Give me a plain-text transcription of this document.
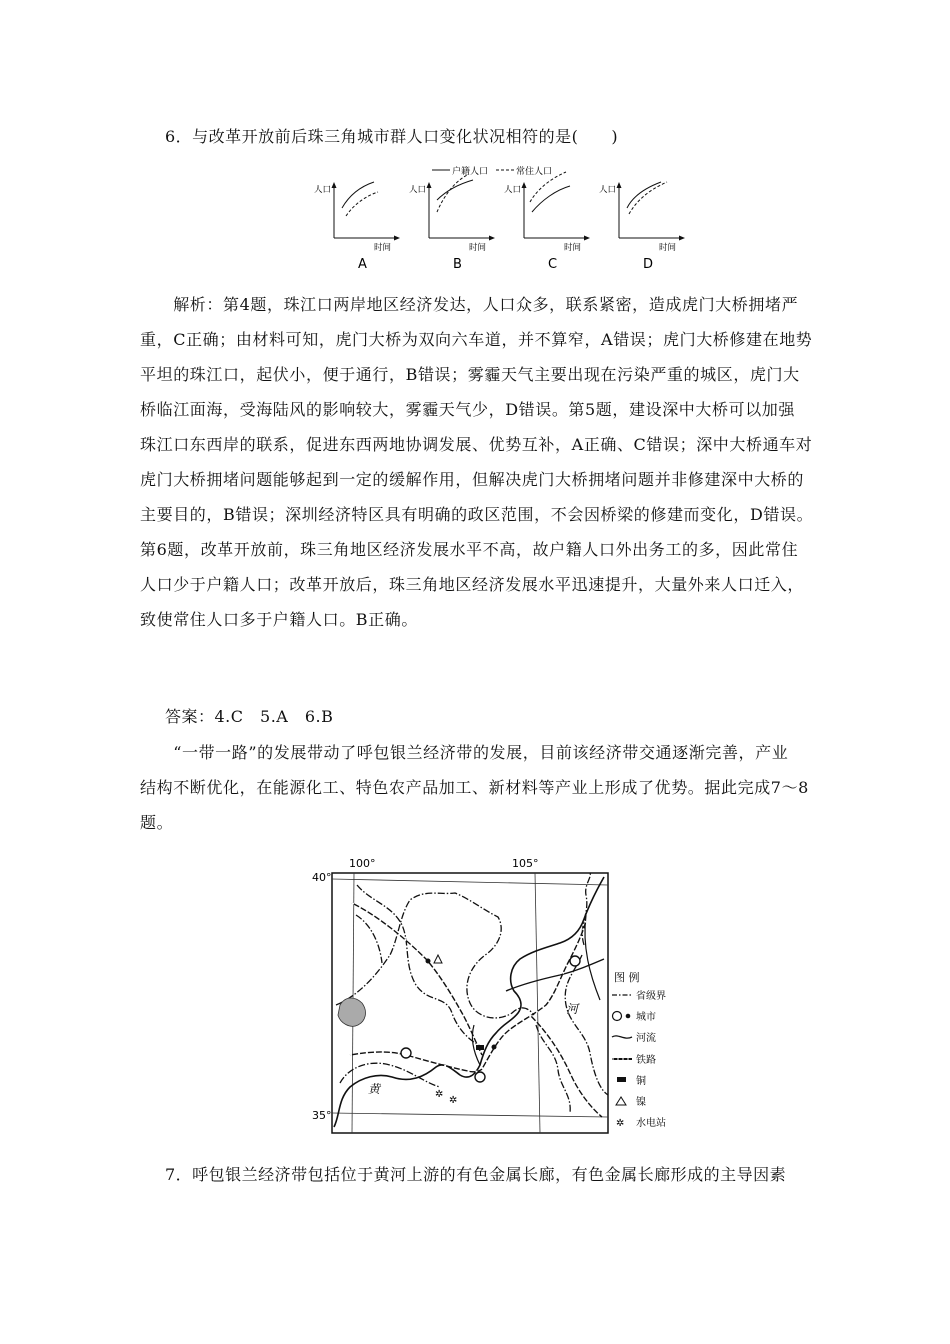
6．与改革开放前后珠三角城市群人口变化状况相符的是(　　)
户籍人口	常住人口
人口
时间
A
人口
时间
B
人口
时间
C
人口
时间
D
　　解析：第4题，珠江口两岸地区经济发达，人口众多，联系紧密，造成虎门大桥拥堵严
重，C正确；由材料可知，虎门大桥为双向六车道，并不算窄，A错误；虎门大桥修建在地势
平坦的珠江口，起伏小，便于通行，B错误；雾霾天气主要出现在污染严重的城区，虎门大
桥临江面海，受海陆风的影响较大，雾霾天气少，D错误。第5题，建设深中大桥可以加强
珠江口东西岸的联系，促进东西两地协调发展、优势互补，A正确、C错误；深中大桥通车对
虎门大桥拥堵问题能够起到一定的缓解作用，但解决虎门大桥拥堵问题并非修建深中大桥的
主要目的，B错误；深圳经济特区具有明确的政区范围，不会因桥梁的修建而变化，D错误。
第6题，改革开放前，珠三角地区经济发展水平不高，故户籍人口外出务工的多，因此常住
人口少于户籍人口；改革开放后，珠三角地区经济发展水平迅速提升，大量外来人口迁入，
致使常住人口多于户籍人口。B正确。
答案：4.C　5.A　6.B
　　“一带一路”的发展带动了呼包银兰经济带的发展，目前该经济带交通逐渐完善，产业
结构不断优化，在能源化工、特色农产品加工、新材料等产业上形成了优势。据此完成7～8
题。
100°	105°
40°
35°
✲
✲
河
黄
图 例
省级界
城市
河流
铁路
铜
镍
✲ 水电站
7．呼包银兰经济带包括位于黄河上游的有色金属长廊，有色金属长廊形成的主导因素
